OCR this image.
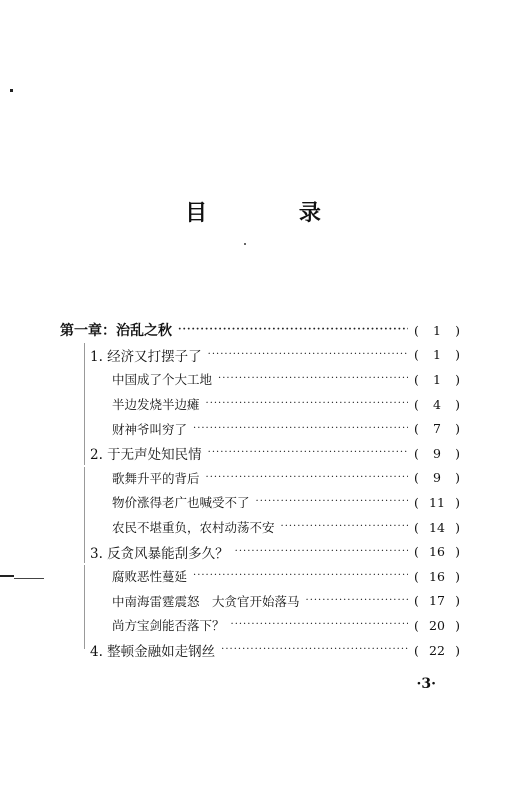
目 录
第一章：治乱之秋 ·····	( 1 )
1. 经济又打摆子了 ·····	( 1 )
中国成了个大工地 ·····	( 1 )
半边发烧半边瘫 ·····	( 4 )
财神爷叫穷了 ·····	( 7 )
2. 于无声处知民情 ·····	( 9 )
歌舞升平的背后 ·····	( 9 )
物价涨得老广也喊受不了 ·····	( 11 )
农民不堪重负，农村动荡不安 ·····	( 14 )
3. 反贪风暴能刮多久？ ·····	( 16 )
腐败恶性蔓延 ·····	( 16 )
中南海雷霆震怒　大贪官开始落马 ·····	( 17 )
尚方宝剑能否落下？ ·····	( 20 )
4. 整顿金融如走钢丝 ·····	( 22 )
·3·
